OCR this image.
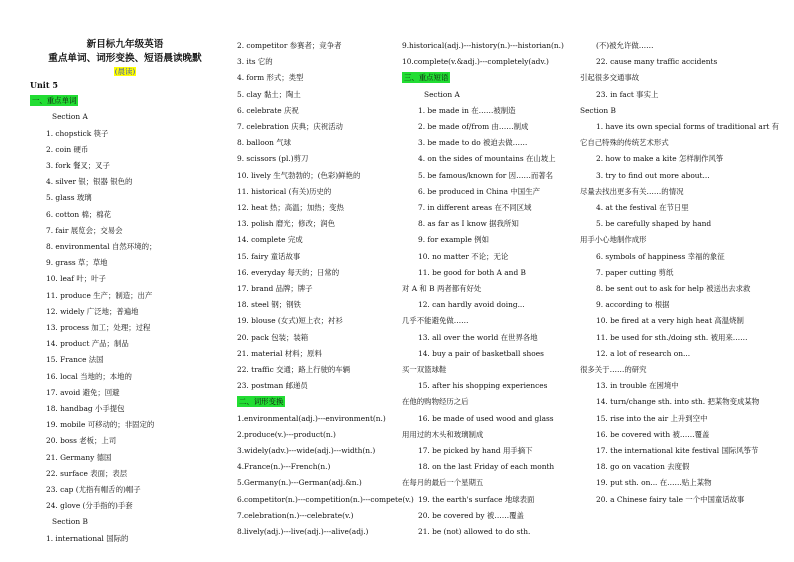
新目标九年级英语
重点单词、词形变换、短语晨读晚默
(晨读)
Unit 5
一、重点单词
Section A
1. chopstick 筷子
2. coin 硬币
3. fork 餐叉；叉子
4. silver 银；银器 银色的
5. glass 玻璃
6. cotton 棉；棉花
7. fair 展览会；交易会
8. environmental 自然环境的；
9. grass 草；草地
10. leaf 叶；叶子
11. produce 生产；制造；出产
12. widely 广泛地；普遍地
13. process 加工；处理；过程
14. product 产品；制品
15. France 法国
16. local 当地的；本地的
17. avoid 避免；回避
18. handbag 小手提包
19. mobile 可移动的；非固定的
20. boss 老板；上司
21. Germany 德国
22. surface 表面；表层
23. cap (尤指有帽舌的)帽子
24. glove (分手指的)手套
Section B
1. international 国际的
2. competitor 参赛者；竞争者
3. its 它的
4. form 形式；类型
5. clay 黏土；陶土
6. celebrate 庆祝
7. celebration 庆典；庆祝活动
8. balloon 气球
9. scissors (pl.)剪刀
10. lively 生气勃勃的；(色彩)鲜艳的
11. historical (有关)历史的
12. heat 热；高温；加热；变热
13. polish 磨光；修改；润色
14. complete 完成
15. fairy 童话故事
16. everyday 每天的；日常的
17. brand 品牌；牌子
18. steel 钢；钢铁
19. blouse (女式)短上衣；衬衫
20. pack 包装；装箱
21. material 材料；原料
22. traffic 交通；路上行驶的车辆
23. postman 邮递员
二、词形变换
1.environmental(adj.)---environment(n.)
2.produce(v.)---product(n.)
3.widely(adv.)---wide(adj.)---width(n.)
4.France(n.)---French(n.)
5.Germany(n.)---German(adj.&n.)
6.competitor(n.)---competition(n.)---compete(v.)
7.celebration(n.)---celebrate(v.)
8.lively(adj.)---live(adj.)---alive(adj.)
9.historical(adj.)---history(n.)---historian(n.)
10.complete(v.&adj.)---completely(adv.)
三、重点短语
Section A
1. be made in 在……被制造
2. be made of/from 由……制成
3. be made to do 被迫去做……
4. on the sides of mountains 在山坡上
5. be famous/known for 因……而著名
6. be produced in China 中国生产
7. in different areas 在不同区域
8. as far as I know 据我所知
9. for example 例如
10. no matter 不论；无论
11. be good for both A and B
对 A 和 B 两者都有好处
12. can hardly avoid doing...
几乎不能避免做……
13. all over the world 在世界各地
14. buy a pair of basketball shoes
买一双篮球鞋
15. after his shopping experiences
在他的购物经历之后
16. be made of used wood and glass
用用过的木头和玻璃制成
17. be picked by hand 用手摘下
18. on the last Friday of each month
在每月的最后一个星期五
19. the earth's surface 地球表面
20. be covered by 被……覆盖
21. be (not) allowed to do sth.
(不)被允许做……
22. cause many traffic accidents
引起很多交通事故
23. in fact 事实上
Section B
1. have its own special forms of traditional art 有
它自己特殊的传统艺术形式
2. how to make a kite 怎样制作风筝
3. try to find out more about...
尽量去找出更多有关……的情况
4. at the festival 在节日里
5. be carefully shaped by hand
用手小心地制作成形
6. symbols of happiness 幸福的象征
7. paper cutting 剪纸
8. be sent out to ask for help 被送出去求救
9. according to 根据
10. be fired at a very high heat 高温烧制
11. be used for sth./doing sth. 被用来……
12. a lot of research on...
很多关于……的研究
13. in trouble 在困境中
14. turn/change sth. into sth. 把某物变成某物
15. rise into the air 上升到空中
16. be covered with 被……覆盖
17. the international kite festival 国际风筝节
18. go on vacation 去度假
19. put sth. on... 在……贴上某物
20. a Chinese fairy tale 一个中国童话故事
